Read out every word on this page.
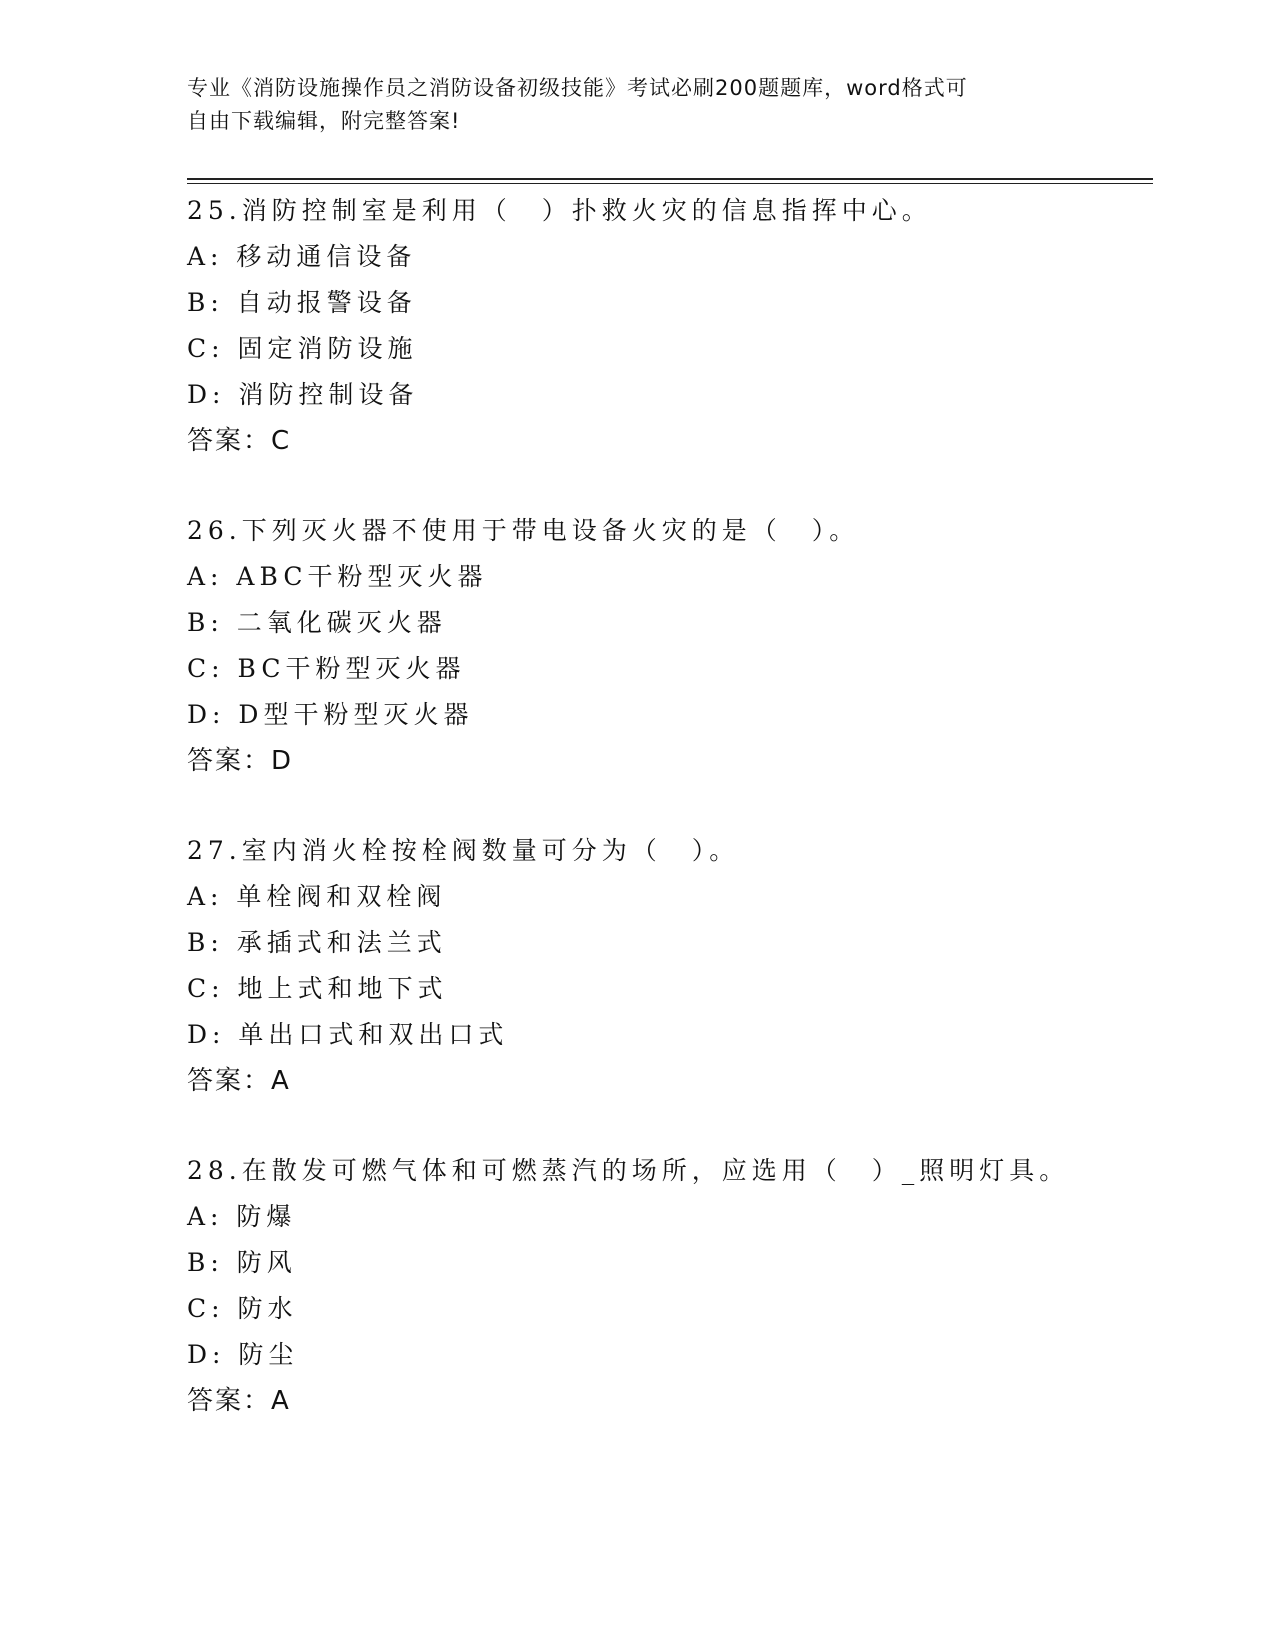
专业《消防设施操作员之消防设备初级技能》考试必刷200题题库，word格式可
自由下载编辑，附完整答案!
25.消防控制室是利用（　）扑救火灾的信息指挥中心。
A: 移动通信设备
B: 自动报警设备
C: 固定消防设施
D: 消防控制设备
答案：C
26.下列灭火器不使用于带电设备火灾的是（　）。
A: ABC干粉型灭火器
B: 二氧化碳灭火器
C: BC干粉型灭火器
D: D型干粉型灭火器
答案：D
27.室内消火栓按栓阀数量可分为（　）。
A: 单栓阀和双栓阀
B: 承插式和法兰式
C: 地上式和地下式
D: 单出口式和双出口式
答案：A
28.在散发可燃气体和可燃蒸汽的场所，应选用（　）_照明灯具。
A: 防爆
B: 防风
C: 防水
D: 防尘
答案：A
